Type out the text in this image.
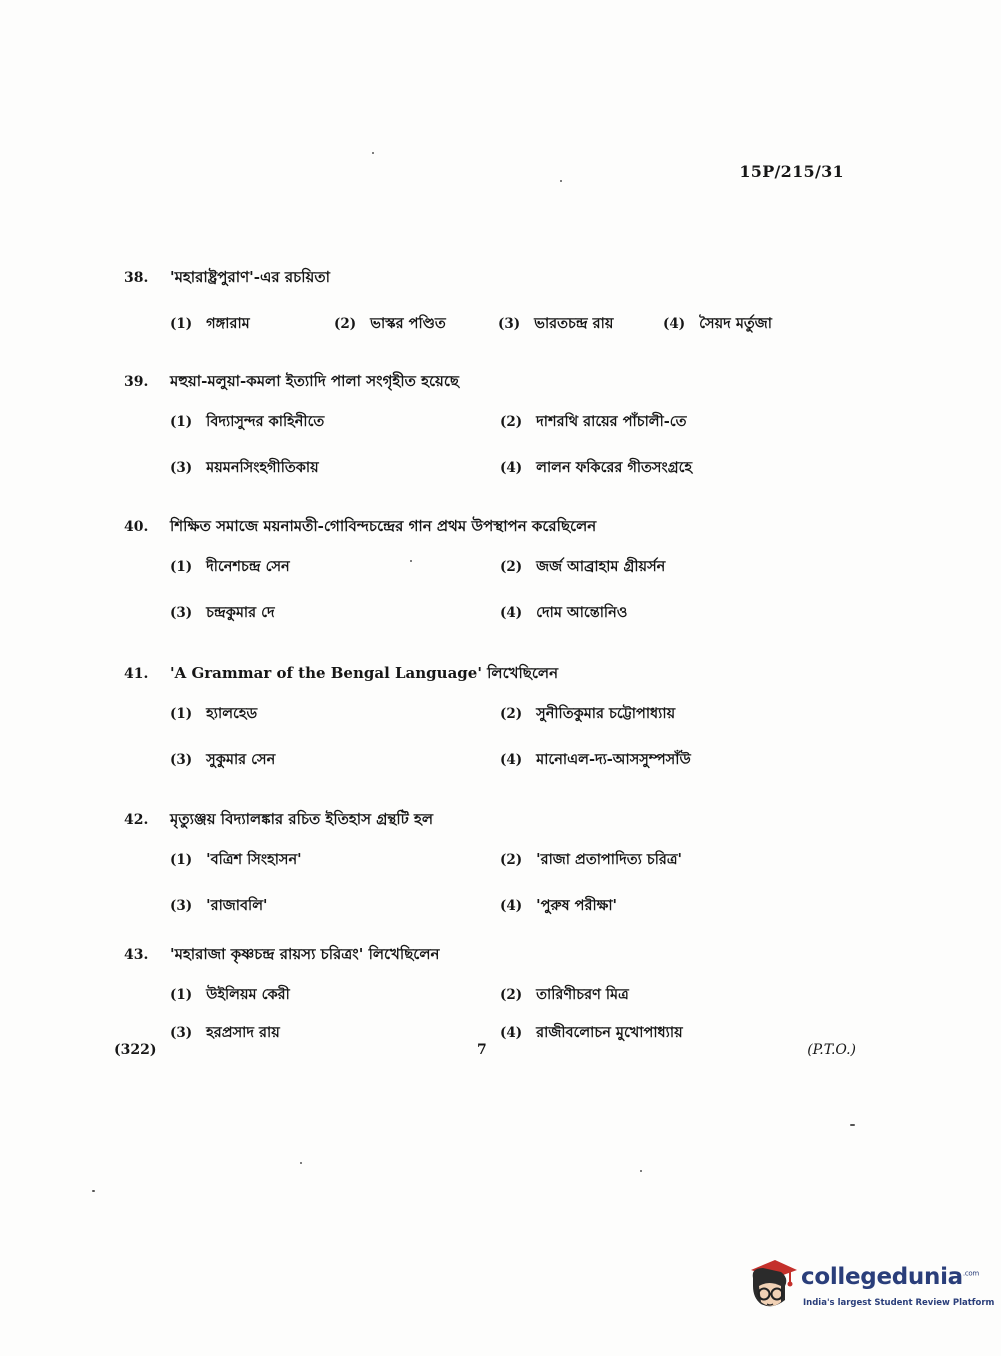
15P/215/31
38.	'মহারাষ্ট্রপুরাণ'-এর রচয়িতা
(1) গঙ্গারাম	(2) ভাস্কর পণ্ডিত	(3) ভারতচন্দ্র রায়	(4) সৈয়দ মর্তুজা
39.	মহুয়া-মলুয়া-কমলা ইত্যাদি পালা সংগৃহীত হয়েছে
(1) বিদ্যাসুন্দর কাহিনীতে	(2) দাশরথি রায়ের পাঁচালী-তে
(3) ময়মনসিংহগীতিকায়	(4) লালন ফকিরের গীতসংগ্রহে
40.	শিক্ষিত সমাজে ময়নামতী-গোবিন্দচন্দ্রের গান প্রথম উপস্থাপন করেছিলেন
(1) দীনেশচন্দ্র সেন	(2) জর্জ আব্রাহাম গ্রীয়র্সন
(3) চন্দ্রকুমার দে	(4) দোম আন্তোনিও
41.	'A Grammar of the Bengal Language' লিখেছিলেন
(1) হ্যালহেড	(2) সুনীতিকুমার চট্টোপাধ্যায়
(3) সুকুমার সেন	(4) মানোএল-দ্য-আসসুম্পসাঁউ
42.	মৃত্যুঞ্জয় বিদ্যালঙ্কার রচিত ইতিহাস গ্রন্থটি হল
(1) 'বত্রিশ সিংহাসন'	(2) 'রাজা প্রতাপাদিত্য চরিত্র'
(3) 'রাজাবলি'	(4) 'পুরুষ পরীক্ষা'
43.	'মহারাজা কৃষ্ণচন্দ্র রায়স্য চরিত্রং' লিখেছিলেন
(1) উইলিয়ম কেরী	(2) তারিণীচরণ মিত্র
(3) হরপ্রসাদ রায়	(4) রাজীবলোচন মুখোপাধ্যায়
(322)	7	(P.T.O.)
collegedunia$^{.com}$
India's largest Student Review Platform
